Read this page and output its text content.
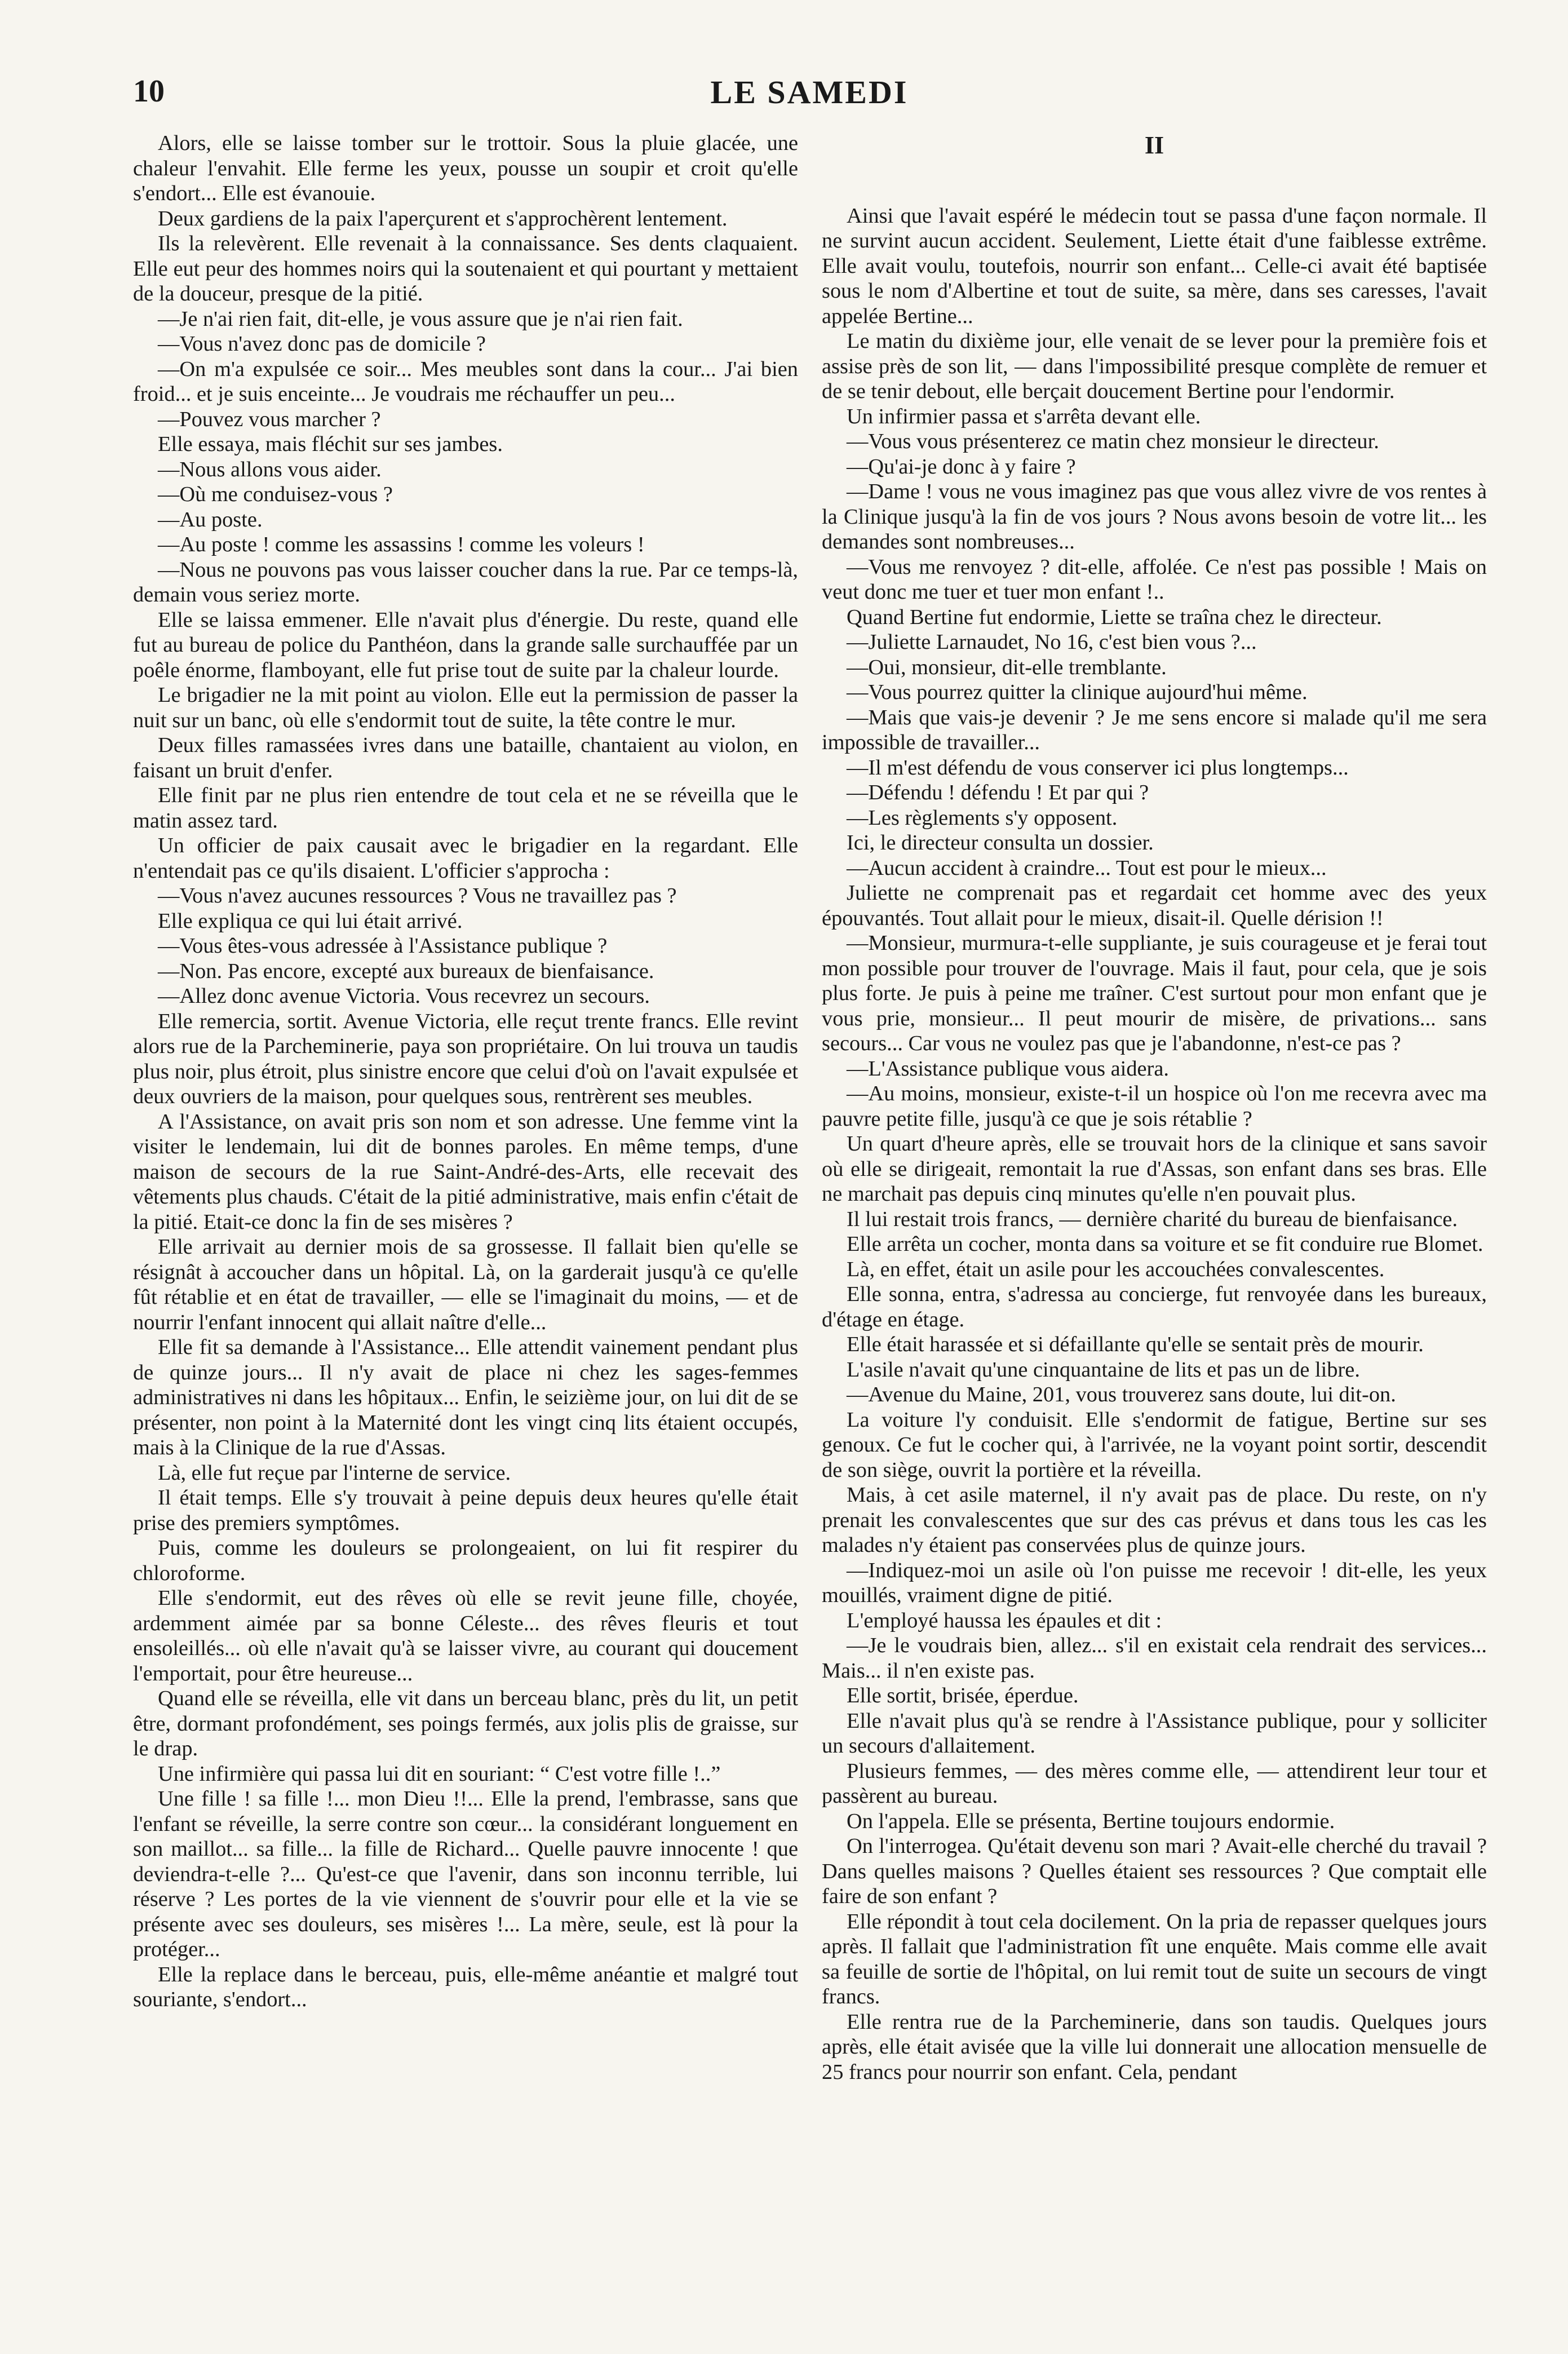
10	LE SAMEDI

Alors, elle se laisse tomber sur le trottoir. Sous la pluie glacée, une chaleur l'envahit. Elle ferme les yeux, pousse un soupir et croit qu'elle s'endort... Elle est évanouie.

Deux gardiens de la paix l'aperçurent et s'approchèrent lentement.

Ils la relevèrent. Elle revenait à la connaissance. Ses dents claquaient. Elle eut peur des hommes noirs qui la soutenaient et qui pourtant y mettaient de la douceur, presque de la pitié.

—Je n'ai rien fait, dit-elle, je vous assure que je n'ai rien fait.

—Vous n'avez donc pas de domicile ?

—On m'a expulsée ce soir... Mes meubles sont dans la cour... J'ai bien froid... et je suis enceinte... Je voudrais me réchauffer un peu...

—Pouvez vous marcher ?

Elle essaya, mais fléchit sur ses jambes.

—Nous allons vous aider.

—Où me conduisez-vous ?

—Au poste.

—Au poste ! comme les assassins ! comme les voleurs !

—Nous ne pouvons pas vous laisser coucher dans la rue. Par ce temps-là, demain vous seriez morte.

Elle se laissa emmener. Elle n'avait plus d'énergie. Du reste, quand elle fut au bureau de police du Panthéon, dans la grande salle surchauffée par un poêle énorme, flamboyant, elle fut prise tout de suite par la chaleur lourde.

Le brigadier ne la mit point au violon. Elle eut la permission de passer la nuit sur un banc, où elle s'endormit tout de suite, la tête contre le mur.

Deux filles ramassées ivres dans une bataille, chantaient au violon, en faisant un bruit d'enfer.

Elle finit par ne plus rien entendre de tout cela et ne se réveilla que le matin assez tard.

Un officier de paix causait avec le brigadier en la regardant. Elle n'entendait pas ce qu'ils disaient. L'officier s'approcha :

—Vous n'avez aucunes ressources ? Vous ne travaillez pas ?

Elle expliqua ce qui lui était arrivé.

—Vous êtes-vous adressée à l'Assistance publique ?

—Non. Pas encore, excepté aux bureaux de bienfaisance.

—Allez donc avenue Victoria. Vous recevrez un secours.

Elle remercia, sortit. Avenue Victoria, elle reçut trente francs. Elle revint alors rue de la Parcheminerie, paya son propriétaire. On lui trouva un taudis plus noir, plus étroit, plus sinistre encore que celui d'où on l'avait expulsée et deux ouvriers de la maison, pour quelques sous, rentrèrent ses meubles.

A l'Assistance, on avait pris son nom et son adresse. Une femme vint la visiter le lendemain, lui dit de bonnes paroles. En même temps, d'une maison de secours de la rue Saint-André-des-Arts, elle recevait des vêtements plus chauds. C'était de la pitié administrative, mais enfin c'était de la pitié. Etait-ce donc la fin de ses misères ?

Elle arrivait au dernier mois de sa grossesse. Il fallait bien qu'elle se résignât à accoucher dans un hôpital. Là, on la garderait jusqu'à ce qu'elle fût rétablie et en état de travailler, — elle se l'imaginait du moins, — et de nourrir l'enfant innocent qui allait naître d'elle...

Elle fit sa demande à l'Assistance... Elle attendit vainement pendant plus de quinze jours... Il n'y avait de place ni chez les sages-femmes administratives ni dans les hôpitaux... Enfin, le seizième jour, on lui dit de se présenter, non point à la Maternité dont les vingt cinq lits étaient occupés, mais à la Clinique de la rue d'Assas.

Là, elle fut reçue par l'interne de service.

Il était temps. Elle s'y trouvait à peine depuis deux heures qu'elle était prise des premiers symptômes.

Puis, comme les douleurs se prolongeaient, on lui fit respirer du chloroforme.

Elle s'endormit, eut des rêves où elle se revit jeune fille, choyée, ardemment aimée par sa bonne Céleste... des rêves fleuris et tout ensoleillés... où elle n'avait qu'à se laisser vivre, au courant qui doucement l'emportait, pour être heureuse...

Quand elle se réveilla, elle vit dans un berceau blanc, près du lit, un petit être, dormant profondément, ses poings fermés, aux jolis plis de graisse, sur le drap.

Une infirmière qui passa lui dit en souriant: “ C'est votre fille !..”

Une fille ! sa fille !... mon Dieu !!... Elle la prend, l'embrasse, sans que l'enfant se réveille, la serre contre son cœur... la considérant longuement en son maillot... sa fille... la fille de Richard... Quelle pauvre innocente ! que deviendra-t-elle ?... Qu'est-ce que l'avenir, dans son inconnu terrible, lui réserve ? Les portes de la vie viennent de s'ouvrir pour elle et la vie se présente avec ses douleurs, ses misères !... La mère, seule, est là pour la protéger...

Elle la replace dans le berceau, puis, elle-même anéantie et malgré tout souriante, s'endort...

II

Ainsi que l'avait espéré le médecin tout se passa d'une façon normale. Il ne survint aucun accident. Seulement, Liette était d'une faiblesse extrême. Elle avait voulu, toutefois, nourrir son enfant... Celle-ci avait été baptisée sous le nom d'Albertine et tout de suite, sa mère, dans ses caresses, l'avait appelée Bertine...

Le matin du dixième jour, elle venait de se lever pour la première fois et assise près de son lit, — dans l'impossibilité presque complète de remuer et de se tenir debout, elle berçait doucement Bertine pour l'endormir.

Un infirmier passa et s'arrêta devant elle.

—Vous vous présenterez ce matin chez monsieur le directeur.

—Qu'ai-je donc à y faire ?

—Dame ! vous ne vous imaginez pas que vous allez vivre de vos rentes à la Clinique jusqu'à la fin de vos jours ? Nous avons besoin de votre lit... les demandes sont nombreuses...

—Vous me renvoyez ? dit-elle, affolée. Ce n'est pas possible ! Mais on veut donc me tuer et tuer mon enfant !..

Quand Bertine fut endormie, Liette se traîna chez le directeur.

—Juliette Larnaudet, No 16, c'est bien vous ?...

—Oui, monsieur, dit-elle tremblante.

—Vous pourrez quitter la clinique aujourd'hui même.

—Mais que vais-je devenir ? Je me sens encore si malade qu'il me sera impossible de travailler...

—Il m'est défendu de vous conserver ici plus longtemps...

—Défendu ! défendu ! Et par qui ?

—Les règlements s'y opposent.

Ici, le directeur consulta un dossier.

—Aucun accident à craindre... Tout est pour le mieux...

Juliette ne comprenait pas et regardait cet homme avec des yeux épouvantés. Tout allait pour le mieux, disait-il. Quelle dérision !!

—Monsieur, murmura-t-elle suppliante, je suis courageuse et je ferai tout mon possible pour trouver de l'ouvrage. Mais il faut, pour cela, que je sois plus forte. Je puis à peine me traîner. C'est surtout pour mon enfant que je vous prie, monsieur... Il peut mourir de misère, de privations... sans secours... Car vous ne voulez pas que je l'abandonne, n'est-ce pas ?

—L'Assistance publique vous aidera.

—Au moins, monsieur, existe-t-il un hospice où l'on me recevra avec ma pauvre petite fille, jusqu'à ce que je sois rétablie ?

Un quart d'heure après, elle se trouvait hors de la clinique et sans savoir où elle se dirigeait, remontait la rue d'Assas, son enfant dans ses bras. Elle ne marchait pas depuis cinq minutes qu'elle n'en pouvait plus.

Il lui restait trois francs, — dernière charité du bureau de bienfaisance.

Elle arrêta un cocher, monta dans sa voiture et se fit conduire rue Blomet.

Là, en effet, était un asile pour les accouchées convalescentes.

Elle sonna, entra, s'adressa au concierge, fut renvoyée dans les bureaux, d'étage en étage.

Elle était harassée et si défaillante qu'elle se sentait près de mourir.

L'asile n'avait qu'une cinquantaine de lits et pas un de libre.

—Avenue du Maine, 201, vous trouverez sans doute, lui dit-on.

La voiture l'y conduisit. Elle s'endormit de fatigue, Bertine sur ses genoux. Ce fut le cocher qui, à l'arrivée, ne la voyant point sortir, descendit de son siège, ouvrit la portière et la réveilla.

Mais, à cet asile maternel, il n'y avait pas de place. Du reste, on n'y prenait les convalescentes que sur des cas prévus et dans tous les cas les malades n'y étaient pas conservées plus de quinze jours.

—Indiquez-moi un asile où l'on puisse me recevoir ! dit-elle, les yeux mouillés, vraiment digne de pitié.

L'employé haussa les épaules et dit :

—Je le voudrais bien, allez... s'il en existait cela rendrait des services... Mais... il n'en existe pas.

Elle sortit, brisée, éperdue.

Elle n'avait plus qu'à se rendre à l'Assistance publique, pour y solliciter un secours d'allaitement.

Plusieurs femmes, — des mères comme elle, — attendirent leur tour et passèrent au bureau.

On l'appela. Elle se présenta, Bertine toujours endormie.

On l'interrogea. Qu'était devenu son mari ? Avait-elle cherché du travail ? Dans quelles maisons ? Quelles étaient ses ressources ? Que comptait elle faire de son enfant ?

Elle répondit à tout cela docilement. On la pria de repasser quelques jours après. Il fallait que l'administration fît une enquête. Mais comme elle avait sa feuille de sortie de l'hôpital, on lui remit tout de suite un secours de vingt francs.

Elle rentra rue de la Parcheminerie, dans son taudis. Quelques jours après, elle était avisée que la ville lui donnerait une allocation mensuelle de 25 francs pour nourrir son enfant. Cela, pendant
